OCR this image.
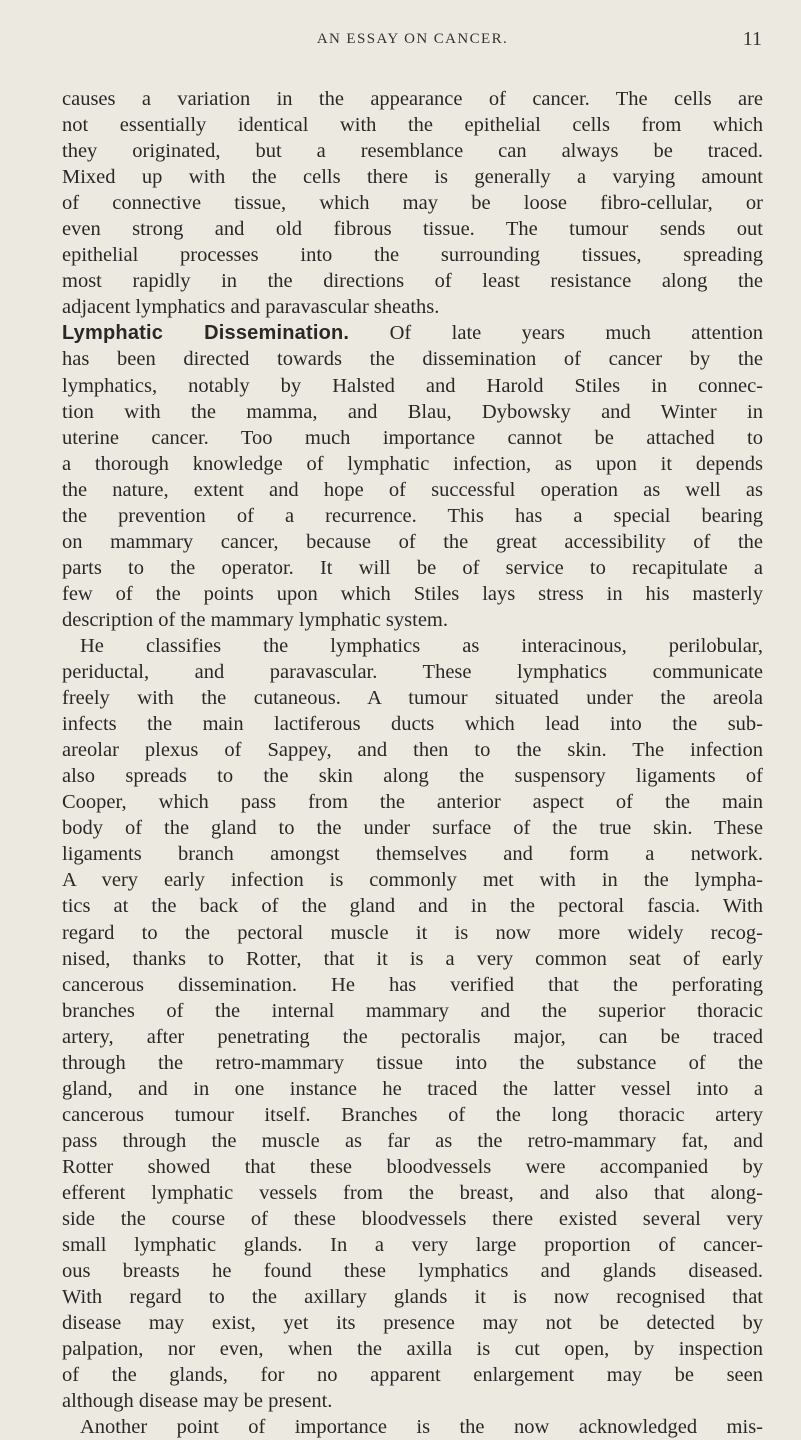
AN ESSAY ON CANCER.	11
causes a variation in the appearance of cancer. The cells are
not essentially identical with the epithelial cells from which
they originated, but a resemblance can always be traced.
Mixed up with the cells there is generally a varying amount
of connective tissue, which may be loose fibro-cellular, or
even strong and old fibrous tissue. The tumour sends out
epithelial processes into the surrounding tissues, spreading
most rapidly in the directions of least resistance along the
adjacent lymphatics and paravascular sheaths.
Lymphatic Dissemination. Of late years much attention
has been directed towards the dissemination of cancer by the
lymphatics, notably by Halsted and Harold Stiles in connec-
tion with the mamma, and Blau, Dybowsky and Winter in
uterine cancer. Too much importance cannot be attached to
a thorough knowledge of lymphatic infection, as upon it depends
the nature, extent and hope of successful operation as well as
the prevention of a recurrence. This has a special bearing
on mammary cancer, because of the great accessibility of the
parts to the operator. It will be of service to recapitulate a
few of the points upon which Stiles lays stress in his masterly
description of the mammary lymphatic system.
He classifies the lymphatics as interacinous, perilobular,
periductal, and paravascular. These lymphatics communicate
freely with the cutaneous. A tumour situated under the areola
infects the main lactiferous ducts which lead into the sub-
areolar plexus of Sappey, and then to the skin. The infection
also spreads to the skin along the suspensory ligaments of
Cooper, which pass from the anterior aspect of the main
body of the gland to the under surface of the true skin. These
ligaments branch amongst themselves and form a network.
A very early infection is commonly met with in the lympha-
tics at the back of the gland and in the pectoral fascia. With
regard to the pectoral muscle it is now more widely recog-
nised, thanks to Rotter, that it is a very common seat of early
cancerous dissemination. He has verified that the perforating
branches of the internal mammary and the superior thoracic
artery, after penetrating the pectoralis major, can be traced
through the retro-mammary tissue into the substance of the
gland, and in one instance he traced the latter vessel into a
cancerous tumour itself. Branches of the long thoracic artery
pass through the muscle as far as the retro-mammary fat, and
Rotter showed that these bloodvessels were accompanied by
efferent lymphatic vessels from the breast, and also that along-
side the course of these bloodvessels there existed several very
small lymphatic glands. In a very large proportion of cancer-
ous breasts he found these lymphatics and glands diseased.
With regard to the axillary glands it is now recognised that
disease may exist, yet its presence may not be detected by
palpation, nor even, when the axilla is cut open, by inspection
of the glands, for no apparent enlargement may be seen
although disease may be present.
Another point of importance is the now acknowledged mis-
